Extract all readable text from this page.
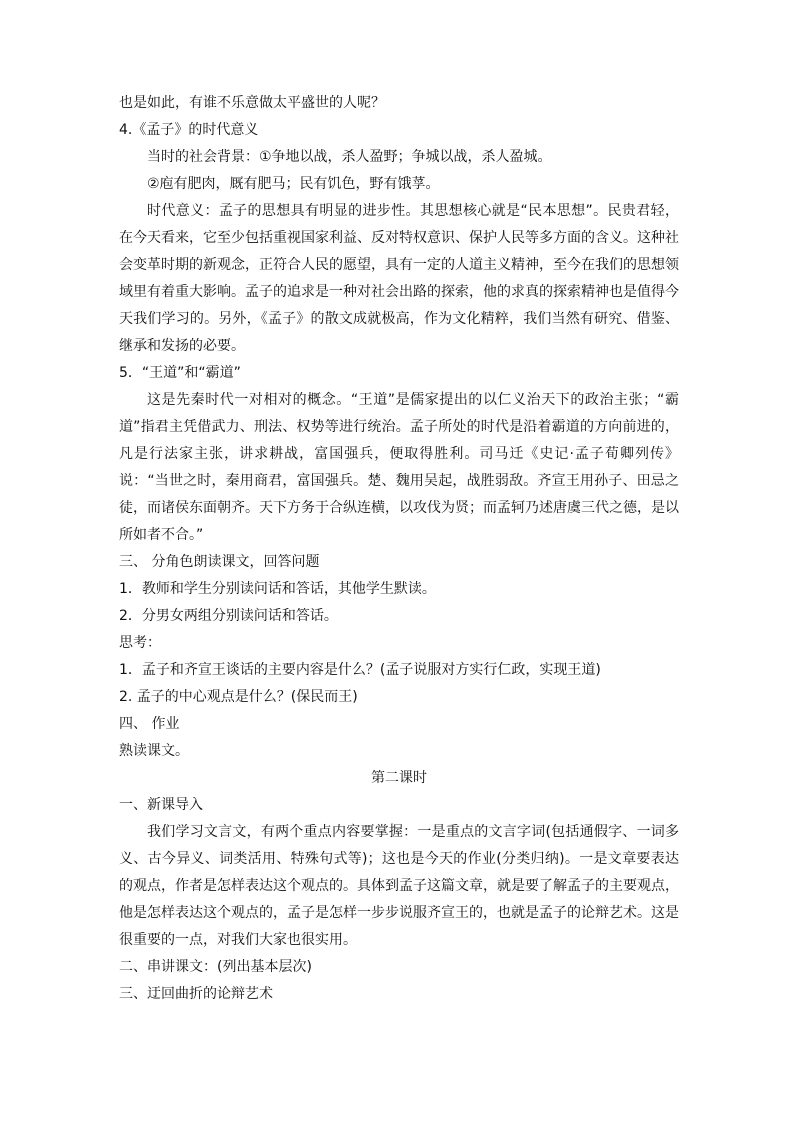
也是如此，有谁不乐意做太平盛世的人呢？

4.《孟子》的时代意义

当时的社会背景：①争地以战，杀人盈野；争城以战，杀人盈城。

②庖有肥肉，厩有肥马；民有饥色，野有饿莩。

时代意义：孟子的思想具有明显的进步性。其思想核心就是“民本思想”。民贵君轻，在今天看来，它至少包括重视国家利益、反对特权意识、保护人民等多方面的含义。这种社会变革时期的新观念，正符合人民的愿望，具有一定的人道主义精神，至今在我们的思想领域里有着重大影响。孟子的追求是一种对社会出路的探索，他的求真的探索精神也是值得今天我们学习的。另外，《孟子》的散文成就极高，作为文化精粹，我们当然有研究、借鉴、继承和发扬的必要。

5．“王道”和“霸道”

这是先秦时代一对相对的概念。“王道”是儒家提出的以仁义治天下的政治主张；“霸道”指君主凭借武力、刑法、权势等进行统治。孟子所处的时代是沿着霸道的方向前进的，凡是行法家主张，讲求耕战，富国强兵，便取得胜利。司马迁《史记·孟子荀卿列传》说：“当世之时，秦用商君，富国强兵。楚、魏用吴起，战胜弱敌。齐宣王用孙子、田忌之徒，而诸侯东面朝齐。天下方务于合纵连横，以攻伐为贤；而孟轲乃述唐虞三代之德，是以所如者不合。”

三、 分角色朗读课文，回答问题

1．教师和学生分别读问话和答话，其他学生默读。

2．分男女两组分别读问话和答话。

思考：

1．孟子和齐宣王谈话的主要内容是什么？(孟子说服对方实行仁政，实现王道)

2. 孟子的中心观点是什么？(保民而王)

四、 作业

熟读课文。

第二课时

一、新课导入

我们学习文言文，有两个重点内容要掌握：一是重点的文言字词(包括通假字、一词多义、古今异义、词类活用、特殊句式等)；这也是今天的作业(分类归纳)。一是文章要表达的观点，作者是怎样表达这个观点的。具体到孟子这篇文章，就是要了解孟子的主要观点，他是怎样表达这个观点的，孟子是怎样一步步说服齐宣王的，也就是孟子的论辩艺术。这是很重要的一点，对我们大家也很实用。

二、串讲课文：(列出基本层次)

三、迂回曲折的论辩艺术
